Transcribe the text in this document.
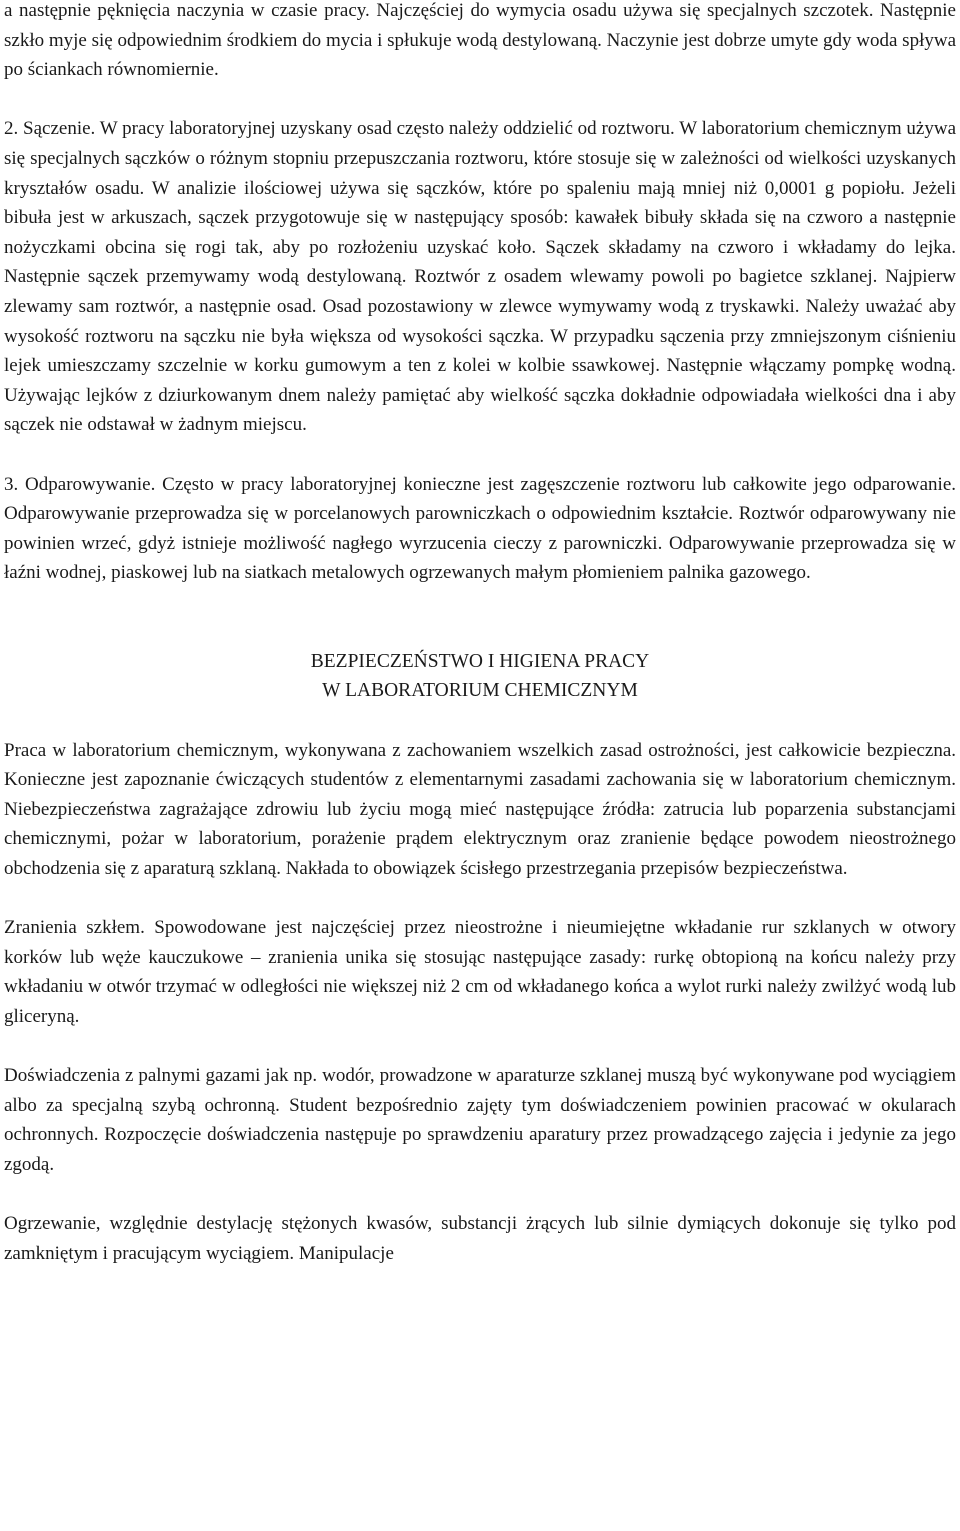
a następnie pęknięcia naczynia w czasie pracy. Najczęściej do wymycia osadu używa się specjalnych szczotek. Następnie szkło myje się odpowiednim środkiem do mycia i spłukuje wodą destylowaną. Naczynie jest dobrze umyte gdy woda spływa po ściankach równomiernie.

2. Sączenie. W pracy laboratoryjnej uzyskany osad często należy oddzielić od roztworu. W laboratorium chemicznym używa się specjalnych sączków o różnym stopniu przepuszczania roztworu, które stosuje się w zależności od wielkości uzyskanych kryształów osadu. W analizie ilościowej używa się sączków, które po spaleniu mają mniej niż 0,0001 g popiołu. Jeżeli bibuła jest w arkuszach, sączek przygotowuje się w następujący sposób: kawałek bibuły składa się na czworo a następnie nożyczkami obcina się rogi tak, aby po rozłożeniu uzyskać koło. Sączek składamy na czworo i wkładamy do lejka. Następnie sączek przemywamy wodą destylowaną. Roztwór z osadem wlewamy powoli po bagietce szklanej. Najpierw zlewamy sam roztwór, a następnie osad. Osad pozostawiony w zlewce wymywamy wodą z tryskawki. Należy uważać aby wysokość roztworu na sączku nie była większa od wysokości sączka. W przypadku sączenia przy zmniejszonym ciśnieniu lejek umieszczamy szczelnie w korku gumowym a ten z kolei w kolbie ssawkowej. Następnie włączamy pompkę wodną. Używając lejków z dziurkowanym dnem należy pamiętać aby wielkość sączka dokładnie odpowiadała wielkości dna i aby sączek nie odstawał w żadnym miejscu.

3. Odparowywanie. Często w pracy laboratoryjnej konieczne jest zagęszczenie roztworu lub całkowite jego odparowanie. Odparowywanie przeprowadza się w porcelanowych parowniczkach o odpowiednim kształcie. Roztwór odparowywany nie powinien wrzeć, gdyż istnieje możliwość nagłego wyrzucenia cieczy z parowniczki. Odparowywanie przeprowadza się w łaźni wodnej, piaskowej lub na siatkach metalowych ogrzewanych małym płomieniem palnika gazowego.

BEZPIECZEŃSTWO I HIGIENA PRACY
W LABORATORIUM CHEMICZNYM

Praca w laboratorium chemicznym, wykonywana z zachowaniem wszelkich zasad ostrożności, jest całkowicie bezpieczna. Konieczne jest zapoznanie ćwiczących studentów z elementarnymi zasadami zachowania się w laboratorium chemicznym. Niebezpieczeństwa zagrażające zdrowiu lub życiu mogą mieć następujące źródła: zatrucia lub poparzenia substancjami chemicznymi, pożar w laboratorium, porażenie prądem elektrycznym oraz zranienie będące powodem nieostrożnego obchodzenia się z aparaturą szklaną. Nakłada to obowiązek ścisłego przestrzegania przepisów bezpieczeństwa.

Zranienia szkłem. Spowodowane jest najczęściej przez nieostrożne i nieumiejętne wkładanie rur szklanych w otwory korków lub węże kauczukowe – zranienia unika się stosując następujące zasady: rurkę obtopioną na końcu należy przy wkładaniu w otwór trzymać w odległości nie większej niż 2 cm od wkładanego końca a wylot rurki należy zwilżyć wodą lub gliceryną.

Doświadczenia z palnymi gazami jak np. wodór, prowadzone w aparaturze szklanej muszą być wykonywane pod wyciągiem albo za specjalną szybą ochronną. Student bezpośrednio zajęty tym doświadczeniem powinien pracować w okularach ochronnych. Rozpoczęcie doświadczenia następuje po sprawdzeniu aparatury przez prowadzącego zajęcia i jedynie za jego zgodą.

Ogrzewanie, względnie destylację stężonych kwasów, substancji żrących lub silnie dymiących dokonuje się tylko pod zamkniętym i pracującym wyciągiem. Manipulacje
